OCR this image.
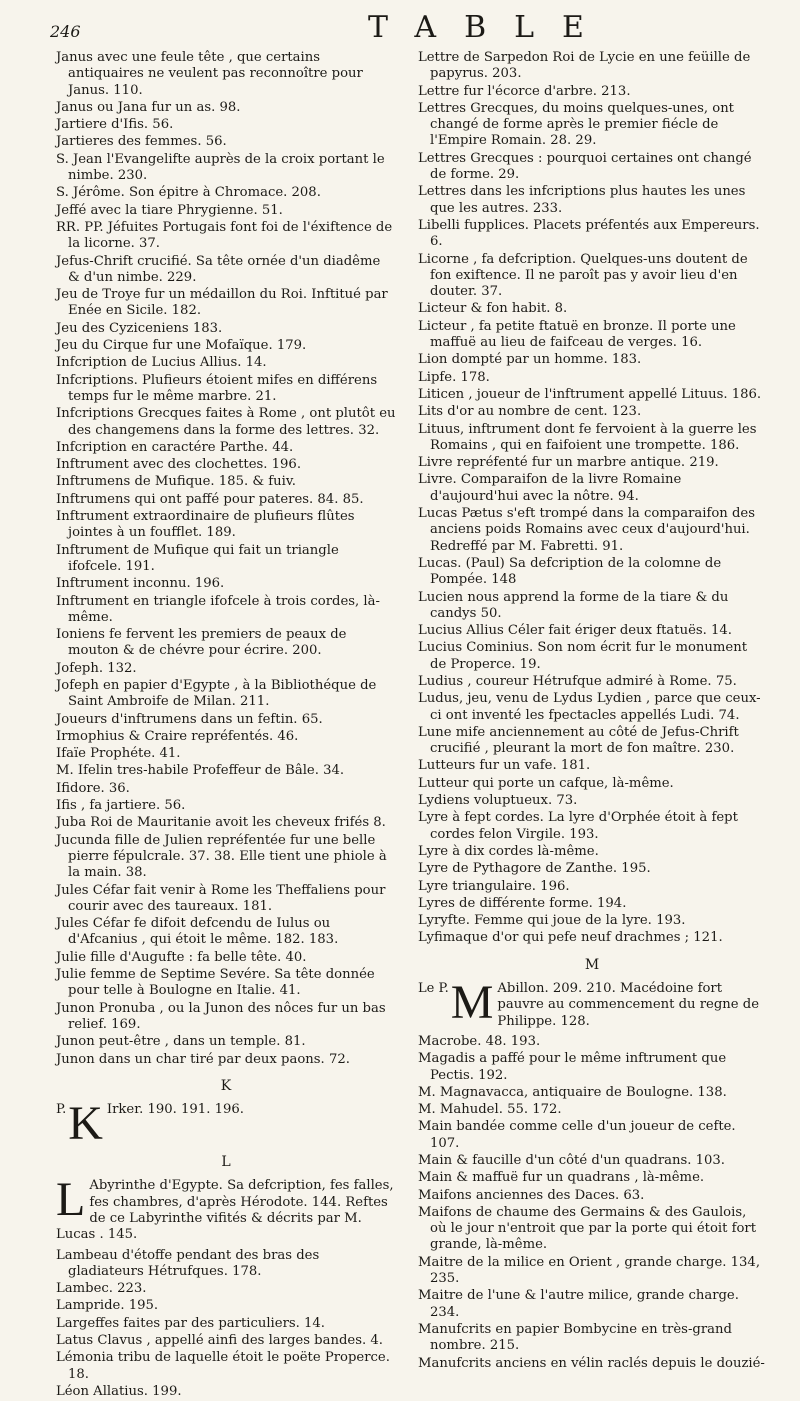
246	TABLE

Janus avec une feule tête , que certains antiquaires ne veulent pas reconnoître pour Janus. 110.

Janus ou Jana fur un as. 98.

Jartiere d'Ifis. 56.

Jartieres des femmes. 56.

S. Jean l'Evangelifte auprès de la croix portant le nimbe. 230.

S. Jérôme. Son épitre à Chromace. 208.

Jeffé avec la tiare Phrygienne. 51.

RR. PP. Jéfuites Portugais font foi de l'éxiftence de la licorne. 37.

Jefus-Chrift crucifié. Sa tête ornée d'un diadême & d'un nimbe. 229.

Jeu de Troye fur un médaillon du Roi. Inftitué par Enée en Sicile. 182.

Jeu des Cyziceniens 183.

Jeu du Cirque fur une Mofaïque. 179.

Infcription de Lucius Allius. 14.

Infcriptions. Plufieurs étoient mifes en différens temps fur le même marbre. 21.

Infcriptions Grecques faites à Rome , ont plutôt eu des changemens dans la forme des lettres. 32.

Infcription en caractére Parthe. 44.

Inftrument avec des clochettes. 196.

Inftrumens de Mufique. 185. & fuiv.

Inftrumens qui ont paffé pour pateres. 84. 85.

Inftrument extraordinaire de plufieurs flûtes jointes à un foufflet. 189.

Inftrument de Mufique qui fait un triangle ifofcele. 191.

Inftrument inconnu. 196.

Inftrument en triangle ifofcele à trois cordes, là-même.

Ioniens fe fervent les premiers de peaux de mouton & de chévre pour écrire. 200.

Jofeph. 132.

Jofeph en papier d'Egypte , à la Bibliothéque de Saint Ambroife de Milan. 211.

Joueurs d'inftrumens dans un feftin. 65.

Irmophius & Craire repréfentés. 46.

Ifaïe Prophéte. 41.

M. Ifelin tres-habile Profeffeur de Bâle. 34.

Ifidore. 36.

Ifis , fa jartiere. 56.

Juba Roi de Mauritanie avoit les cheveux frifés 8.

Jucunda fille de Julien repréfentée fur une belle pierre fépulcrale. 37. 38. Elle tient une phiole à la main. 38.

Jules Céfar fait venir à Rome les Theffaliens pour courir avec des taureaux. 181.

Jules Céfar fe difoit defcendu de Iulus ou d'Afcanius , qui étoit le même. 182. 183.

Julie fille d'Augufte : fa belle tête. 40.

Julie femme de Septime Sevére. Sa tête donnée pour telle à Boulogne en Italie. 41.

Junon Pronuba , ou la Junon des nôces fur un bas relief. 169.

Junon peut-être , dans un temple. 81.

Junon dans un char tiré par deux paons. 72.

K
P. K Irker. 190. 191. 196.
L
L Abyrinthe d'Egypte. Sa defcription, fes falles, fes chambres, d'après Hérodote. 144. Reftes de ce Labyrinthe vifités & décrits par M. Lucas . 145.

Lambeau d'étoffe pendant des bras des gladiateurs Hétrufques. 178.

Lambec. 223.

Lampride. 195.

Largeffes faites par des particuliers. 14.

Latus Clavus , appellé ainfi des larges bandes. 4.

Lémonia tribu de laquelle étoit le poëte Properce. 18.

Léon Allatius. 199.

Lettre de Sarpedon Roi de Lycie en une feüille de papyrus. 203.

Lettre fur l'écorce d'arbre. 213.

Lettres Grecques, du moins quelques-unes, ont changé de forme après le premier fiécle de l'Empire Romain. 28. 29.

Lettres Grecques : pourquoi certaines ont changé de forme. 29.

Lettres dans les infcriptions plus hautes les unes que les autres. 233.

Libelli fupplices. Placets préfentés aux Empereurs. 6.

Licorne , fa defcription. Quelques-uns doutent de fon exiftence. Il ne paroît pas y avoir lieu d'en douter. 37.

Licteur & fon habit. 8.

Licteur , fa petite ftatuë en bronze. Il porte une maffuë au lieu de faifceau de verges. 16.

Lion dompté par un homme. 183.

Lipfe. 178.

Liticen , joueur de l'inftrument appellé Lituus. 186.

Lits d'or au nombre de cent. 123.

Lituus, inftrument dont fe fervoient à la guerre les Romains , qui en faifoient une trompette. 186.

Livre repréfenté fur un marbre antique. 219.

Livre. Comparaifon de la livre Romaine d'aujourd'hui avec la nôtre. 94.

Lucas Pætus s'eft trompé dans la comparaifon des anciens poids Romains avec ceux d'aujourd'hui. Redreffé par M. Fabretti. 91.

Lucas. (Paul) Sa defcription de la colomne de Pompée. 148

Lucien nous apprend la forme de la tiare & du candys 50.

Lucius Allius Céler fait ériger deux ftatuës. 14.

Lucius Cominius. Son nom écrit fur le monument de Properce. 19.

Ludius , coureur Hétrufque admiré à Rome. 75.

Ludus, jeu, venu de Lydus Lydien , parce que ceux-ci ont inventé les fpectacles appellés Ludi. 74.

Lune mife anciennement au côté de Jefus-Chrift crucifié , pleurant la mort de fon maître. 230.

Lutteurs fur un vafe. 181.

Lutteur qui porte un cafque, là-même.

Lydiens voluptueux. 73.

Lyre à fept cordes. La lyre d'Orphée étoit à fept cordes felon Virgile. 193.

Lyre à dix cordes là-même.

Lyre de Pythagore de Zanthe. 195.

Lyre triangulaire. 196.

Lyres de différente forme. 194.

Lyryfte. Femme qui joue de la lyre. 193.

Lyfimaque d'or qui pefe neuf drachmes ; 121.

M
Le P. M Abillon. 209. 210. Macédoine fort pauvre au commencement du regne de Philippe. 128.

Macrobe. 48. 193.

Magadis a paffé pour le même inftrument que Pectis. 192.

M. Magnavacca, antiquaire de Boulogne. 138.

M. Mahudel. 55. 172.

Main bandée comme celle d'un joueur de cefte. 107.

Main & faucille d'un côté d'un quadrans. 103.

Main & maffuë fur un quadrans , là-même.

Maifons anciennes des Daces. 63.

Maifons de chaume des Germains & des Gaulois, où le jour n'entroit que par la porte qui étoit fort grande, là-même.

Maitre de la milice en Orient , grande charge. 134, 235.

Maitre de l'une & l'autre milice, grande charge. 234.

Manufcrits en papier Bombycine en très-grand nombre. 215.

Manufcrits anciens en vélin raclés depuis le douzié-
